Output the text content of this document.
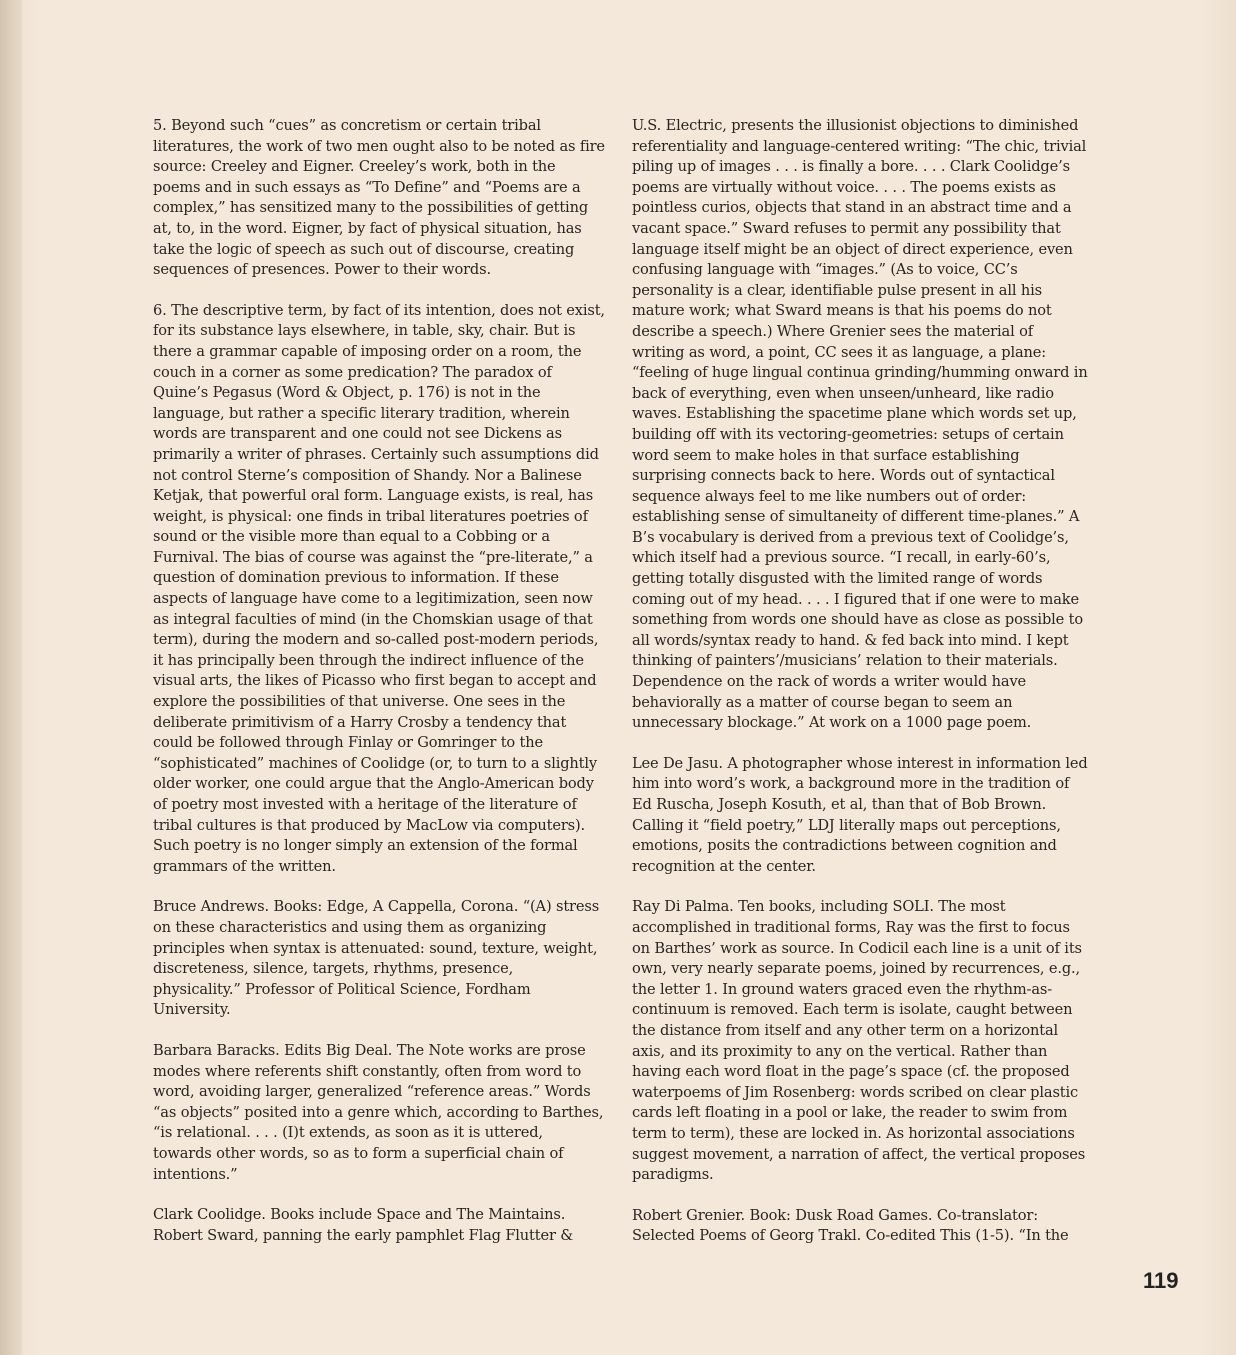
5. Beyond such “cues” as concretism or certain tribal literatures, the work of two men ought also to be noted as fire source: Creeley and Eigner. Creeley’s work, both in the poems and in such essays as “To Define” and “Poems are a complex,” has sensitized many to the possibilities of getting at, to, in the word. Eigner, by fact of physical situation, has take the logic of speech as such out of discourse, creating sequences of presences. Power to their words.

6. The descriptive term, by fact of its intention, does not exist, for its substance lays elsewhere, in table, sky, chair. But is there a grammar capable of imposing order on a room, the couch in a corner as some predication? The paradox of Quine’s Pegasus (Word & Object, p. 176) is not in the language, but rather a specific literary tradition, wherein words are transparent and one could not see Dickens as primarily a writer of phrases. Certainly such assumptions did not control Sterne’s composition of Shandy. Nor a Balinese Ketjak, that powerful oral form. Language exists, is real, has weight, is physical: one finds in tribal literatures poetries of sound or the visible more than equal to a Cobbing or a Furnival. The bias of course was against the “pre-literate,” a question of domination previous to information. If these aspects of language have come to a legitimization, seen now as integral faculties of mind (in the Chomskian usage of that term), during the modern and so-called post-modern periods, it has principally been through the indirect influence of the visual arts, the likes of Picasso who first began to accept and explore the possibilities of that universe. One sees in the deliberate primitivism of a Harry Crosby a tendency that could be followed through Finlay or Gomringer to the “sophisticated” machines of Coolidge (or, to turn to a slightly older worker, one could argue that the Anglo-American body of poetry most invested with a heritage of the literature of tribal cultures is that produced by MacLow via computers). Such poetry is no longer simply an extension of the formal grammars of the written.

Bruce Andrews. Books: Edge, A Cappella, Corona. “(A) stress on these characteristics and using them as organizing principles when syntax is attenuated: sound, texture, weight, discreteness, silence, targets, rhythms, presence, physicality.” Professor of Political Science, Fordham University.

Barbara Baracks. Edits Big Deal. The Note works are prose modes where referents shift constantly, often from word to word, avoiding larger, generalized “reference areas.” Words “as objects” posited into a genre which, according to Barthes, “is relational. . . . (I)t extends, as soon as it is uttered, towards other words, so as to form a superficial chain of intentions.”

Clark Coolidge. Books include Space and The Maintains. Robert Sward, panning the early pamphlet Flag Flutter &

U.S. Electric, presents the illusionist objections to diminished referentiality and language-centered writing: “The chic, trivial piling up of images . . . is finally a bore. . . . Clark Coolidge’s poems are virtually without voice. . . . The poems exists as pointless curios, objects that stand in an abstract time and a vacant space.” Sward refuses to permit any possibility that language itself might be an object of direct experience, even confusing language with “images.” (As to voice, CC’s personality is a clear, identifiable pulse present in all his mature work; what Sward means is that his poems do not describe a speech.) Where Grenier sees the material of writing as word, a point, CC sees it as language, a plane: “feeling of huge lingual continua grinding/humming onward in back of everything, even when unseen/unheard, like radio waves. Establishing the spacetime plane which words set up, building off with its vectoring-geometries: setups of certain word seem to make holes in that surface establishing surprising connects back to here. Words out of syntactical sequence always feel to me like numbers out of order: establishing sense of simultaneity of different time-planes.” A B’s vocabulary is derived from a previous text of Coolidge’s, which itself had a previous source. “I recall, in early-60’s, getting totally disgusted with the limited range of words coming out of my head. . . . I figured that if one were to make something from words one should have as close as possible to all words/syntax ready to hand. & fed back into mind. I kept thinking of painters’/musicians’ relation to their materials. Dependence on the rack of words a writer would have behaviorally as a matter of course began to seem an unnecessary blockage.” At work on a 1000 page poem.

Lee De Jasu. A photographer whose interest in information led him into word’s work, a background more in the tradition of Ed Ruscha, Joseph Kosuth, et al, than that of Bob Brown. Calling it “field poetry,” LDJ literally maps out perceptions, emotions, posits the contradictions between cognition and recognition at the center.

Ray Di Palma. Ten books, including SOLI. The most accomplished in traditional forms, Ray was the first to focus on Barthes’ work as source. In Codicil each line is a unit of its own, very nearly separate poems, joined by recurrences, e.g., the letter 1. In ground waters graced even the rhythm-as-continuum is removed. Each term is isolate, caught between the distance from itself and any other term on a horizontal axis, and its proximity to any on the vertical. Rather than having each word float in the page’s space (cf. the proposed waterpoems of Jim Rosenberg: words scribed on clear plastic cards left floating in a pool or lake, the reader to swim from term to term), these are locked in. As horizontal associations suggest movement, a narration of affect, the vertical proposes paradigms.

Robert Grenier. Book: Dusk Road Games. Co-translator: Selected Poems of Georg Trakl. Co-edited This (1-5). “In the

119
